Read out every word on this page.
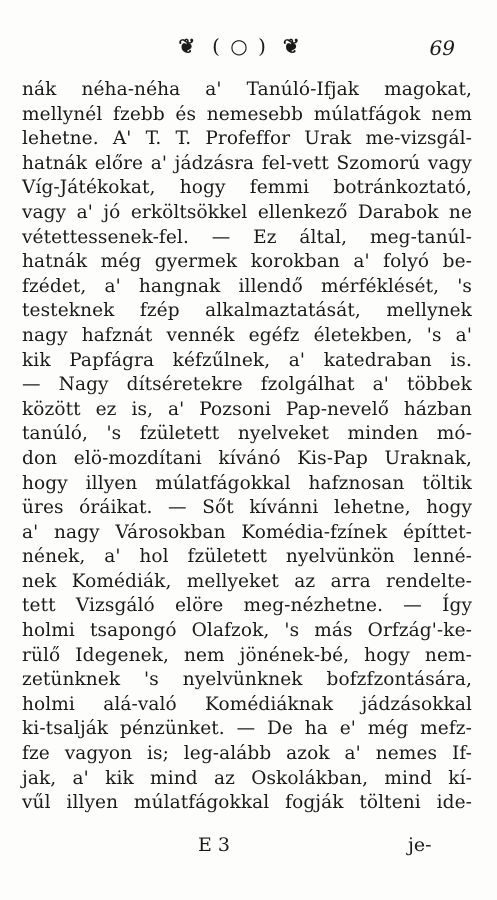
❦ ( ○ ) ❦	69
nák néha-néha a' Tanúló-Ifjak magokat,
mellynél fzebb és nemesebb múlatfágok nem
lehetne. A' T. T. Profeffor Urak me-vizsgál-
hatnák előre a' jádzásra fel-vett Szomorú vagy
Víg-Játékokat, hogy femmi botránkoztató,
vagy a' jó erköltsökkel ellenkező Darabok ne
vétettessenek-fel. — Ez által, meg-tanúl-
hatnák még gyermek korokban a' folyó be-
fzédet, a' hangnak illendő mérféklését, 's
testeknek fzép alkalmaztatását, mellynek
nagy hafznát vennék egéfz életekben, 's a'
kik Papfágra kéfzűlnek, a' katedraban is.
— Nagy dítséretekre fzolgálhat a' többek
között ez is, a' Pozsoni Pap-nevelő házban
tanúló, 's fzületett nyelveket minden mó-
don elö-mozdítani kívánó Kis-Pap Uraknak,
hogy illyen múlatfágokkal hafznosan töltik
üres óráikat. — Sőt kívánni lehetne, hogy
a' nagy Városokban Komédia-fzínek építtet-
nének, a' hol fzületett nyelvünkön lenné-
nek Komédiák, mellyeket az arra rendelte-
tett Vizsgáló elöre meg-nézhetne. — Így
holmi tsapongó Olafzok, 's más Orfzág'-ke-
rülő Idegenek, nem jönének-bé, hogy nem-
zetünknek 's nyelvünknek bofzfzontására,
holmi alá-való Komédiáknak jádzásokkal
ki-tsalják pénzünket. — De ha e' még mefz-
fze vagyon is; leg-alább azok a' nemes If-
jak, a' kik mind az Oskolákban, mind kí-
vűl illyen múlatfágokkal fogják tölteni ide-
E 3	je-
